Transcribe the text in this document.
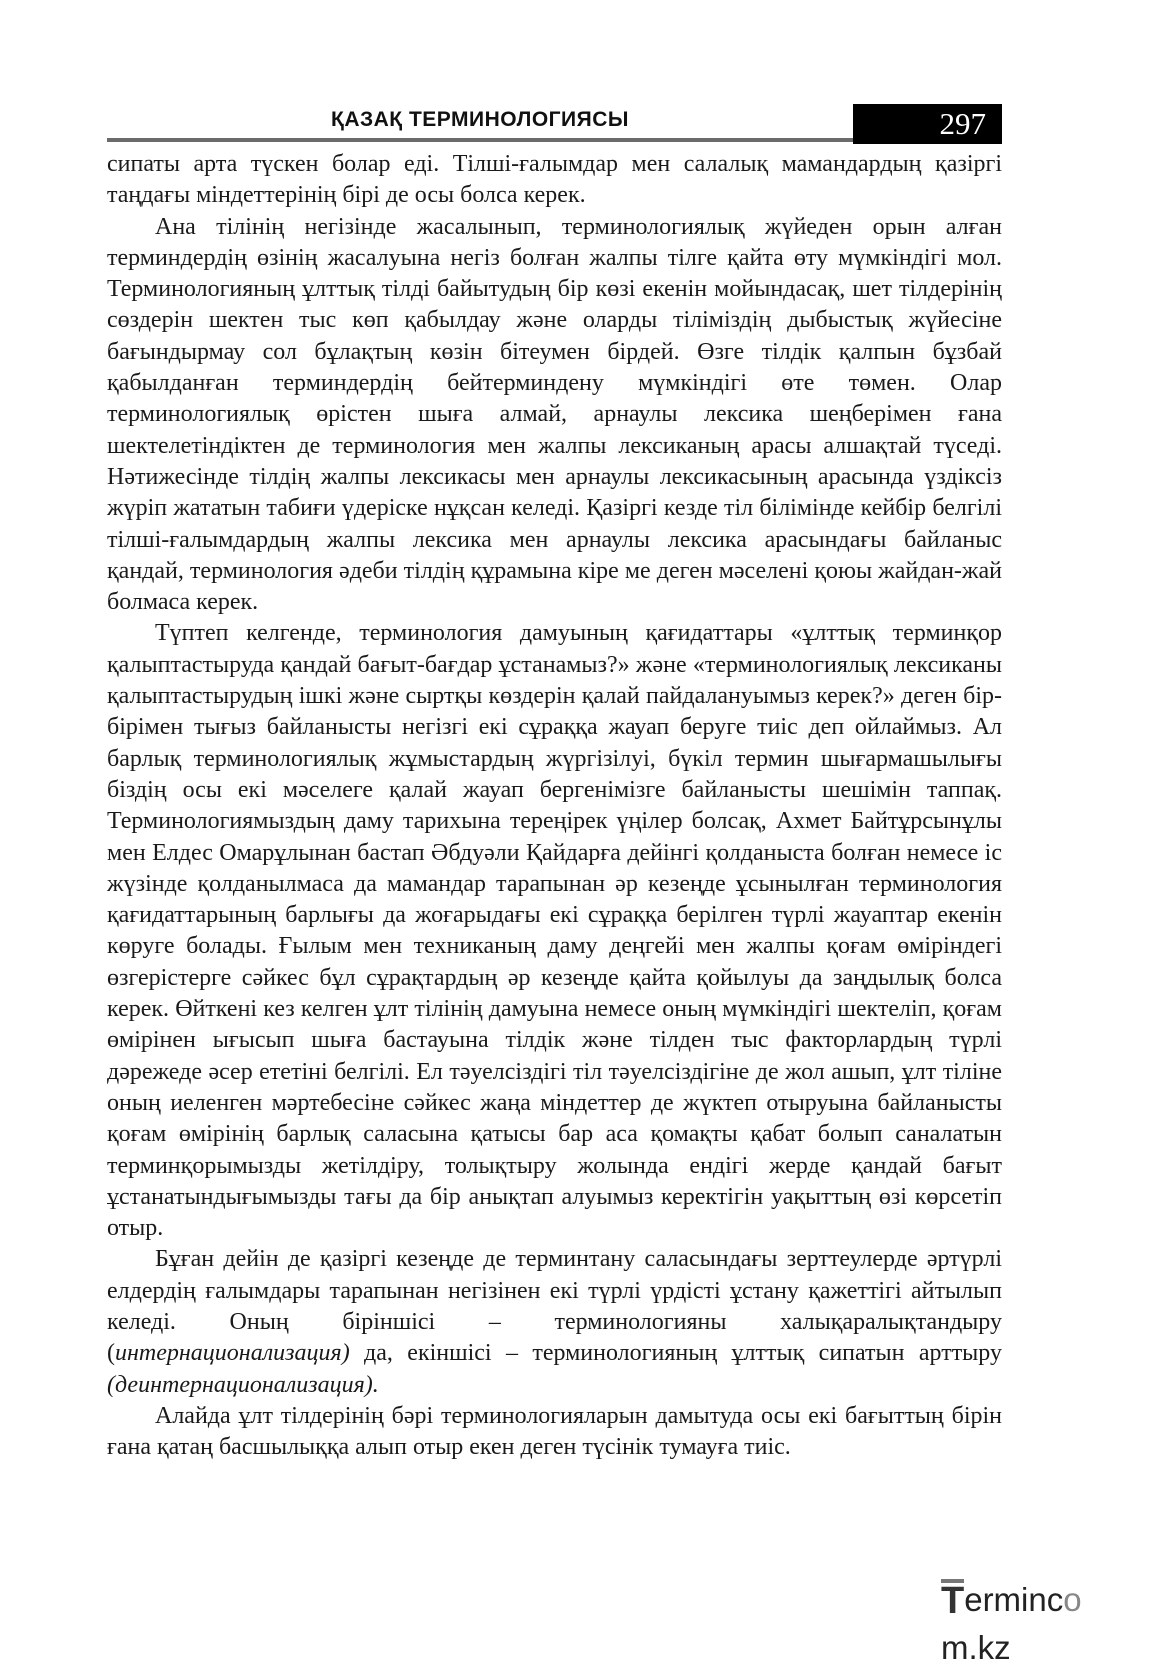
ҚАЗАҚ ТЕРМИНОЛОГИЯСЫ	297

сипаты арта түскен болар еді. Тілші-ғалымдар мен салалық мамандардың қазіргі таңдағы міндеттерінің бірі де осы болса керек.

Ана тілінің негізінде жасалынып, терминологиялық жүйеден орын алған терминдердің өзінің жасалуына негіз болған жалпы тілге қайта өту мүмкіндігі мол. Терминологияның ұлттық тілді байытудың бір көзі екенін мойындасақ, шет тілдерінің сөздерін шектен тыс көп қабылдау және оларды тіліміздің дыбыстық жүйесіне бағындырмау сол бұлақтың көзін бітеумен бірдей. Өзге тілдік қалпын бұзбай қабылданған терминдердің бейтерминдену мүмкіндігі өте төмен. Олар терминологиялық өрістен шыға алмай, арнаулы лексика шеңберімен ғана шектелетіндіктен де терминология мен жалпы лексиканың арасы алшақтай түседі. Нәтижесінде тілдің жалпы лексикасы мен арнаулы лексикасының арасында үздіксіз жүріп жататын табиғи үдеріске нұқсан келеді. Қазіргі кезде тіл білімінде кейбір белгілі тілші-ғалымдардың жалпы лексика мен арнаулы лексика арасындағы байланыс қандай, терминология әдеби тілдің құрамына кіре ме деген мәселені қоюы жайдан-жай болмаса керек.

Түптеп келгенде, терминология дамуының қағидаттары «ұлттық терминқор қалыптастыруда қандай бағыт-бағдар ұстанамыз?» және «терминологиялық лексиканы қалыптастырудың ішкі және сыртқы көздерін қалай пайдалануымыз керек?» деген бір-бірімен тығыз байланысты негізгі екі сұраққа жауап беруге тиіс деп ойлаймыз. Ал барлық терминологиялық жұмыстардың жүргізілуі, бүкіл термин шығармашылығы біздің осы екі мәселеге қалай жауап бергенімізге байланысты шешімін таппақ. Терминологиямыздың даму тарихына тереңірек үңілер болсақ, Ахмет Байтұрсынұлы мен Елдес Омарұлынан бастап Әбдуәли Қайдарға дейінгі қолданыста болған немесе іс жүзінде қолданылмаса да мамандар тарапынан әр кезеңде ұсынылған терминология қағидаттарының барлығы да жоғарыдағы екі сұраққа берілген түрлі жауаптар екенін көруге болады. Ғылым мен техниканың даму деңгейі мен жалпы қоғам өміріндегі өзгерістерге сәйкес бұл сұрақтардың әр кезеңде қайта қойылуы да заңдылық болса керек. Өйткені кез келген ұлт тілінің дамуына немесе оның мүмкіндігі шектеліп, қоғам өмірінен ығысып шыға бастауына тілдік және тілден тыс факторлардың түрлі дәрежеде әсер ететіні белгілі. Ел тәуелсіздігі тіл тәуелсіздігіне де жол ашып, ұлт тіліне оның иеленген мәртебесіне сәйкес жаңа міндеттер де жүктеп отыруына байланысты қоғам өмірінің барлық саласына қатысы бар аса қомақты қабат болып саналатын терминқорымызды жетілдіру, толықтыру жолында ендігі жерде қандай бағыт ұстанатындығымызды тағы да бір анықтап алуымыз керектігін уақыттың өзі көрсетіп отыр.

Бұған дейін де қазіргі кезеңде де терминтану саласындағы зерттеулерде әртүрлі елдердің ғалымдары тарапынан негізінен екі түрлі үрдісті ұстану қажеттігі айтылып келеді. Оның біріншісі – терминологияны халықаралықтандыру (интернационализация) да, екіншісі – терминологияның ұлттық сипатын арттыру (деинтернационализация).

Алайда ұлт тілдерінің бәрі терминологияларын дамытуда осы екі бағыттың бірін ғана қатаң басшылыққа алып отыр екен деген түсінік тумауға тиіс.

Termincom.kz
